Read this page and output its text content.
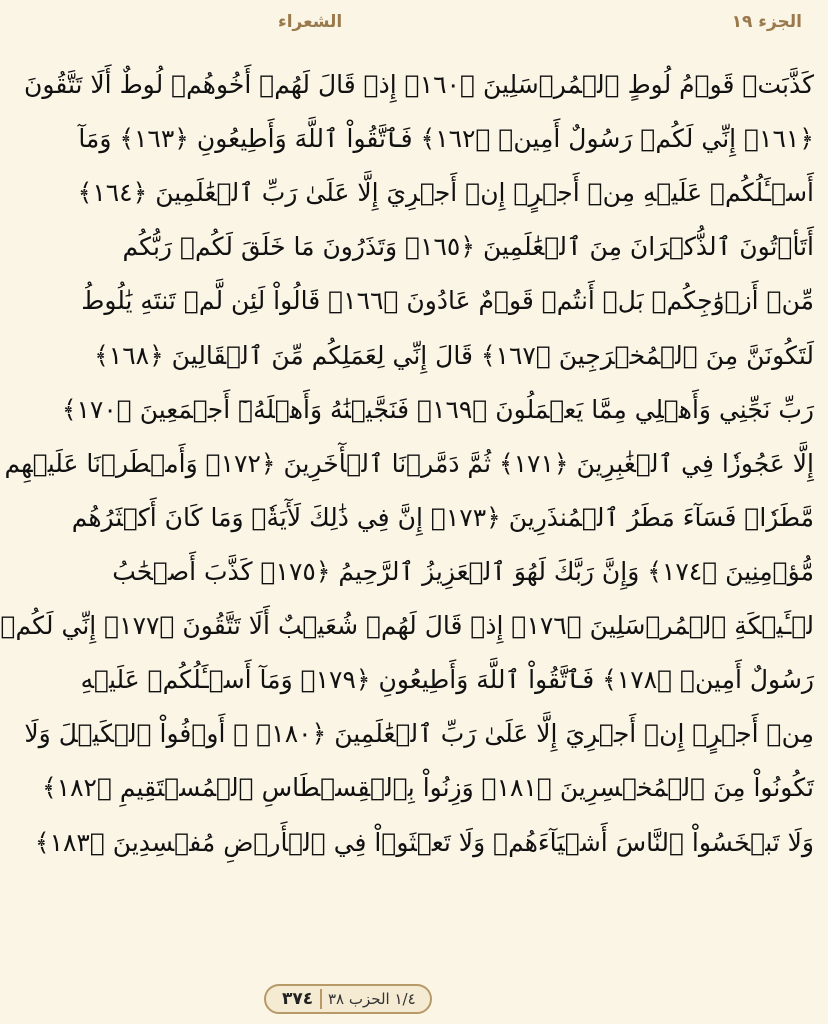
الجزء ١٩
الشعراء
كَذَّبَتۡ قَوۡمُ لُوطٍ ٱلۡمُرۡسَلِينَ ﴿١٦٠﴾ إِذۡ قَالَ لَهُمۡ أَخُوهُمۡ لُوطٌ أَلَا تَتَّقُونَ
﴿١٦١﴾ إِنِّي لَكُمۡ رَسُولٌ أَمِينٞ ﴿١٦٢﴾ فَٱتَّقُواْ ٱللَّهَ وَأَطِيعُونِ ﴿١٦٣﴾ وَمَآ
أَسۡـَٔلُكُمۡ عَلَيۡهِ مِنۡ أَجۡرٍۖ إِنۡ أَجۡرِيَ إِلَّا عَلَىٰ رَبِّ ٱلۡعَٰلَمِينَ ﴿١٦٤﴾
أَتَأۡتُونَ ٱلذُّكۡرَانَ مِنَ ٱلۡعَٰلَمِينَ ﴿١٦٥﴾ وَتَذَرُونَ مَا خَلَقَ لَكُمۡ رَبُّكُم
مِّنۡ أَزۡوَٰجِكُمۚ بَلۡ أَنتُمۡ قَوۡمٌ عَادُونَ ﴿١٦٦﴾ قَالُواْ لَئِن لَّمۡ تَنتَهِ يَٰلُوطُ
لَتَكُونَنَّ مِنَ ٱلۡمُخۡرَجِينَ ﴿١٦٧﴾ قَالَ إِنِّي لِعَمَلِكُم مِّنَ ٱلۡقَالِينَ ﴿١٦٨﴾
رَبِّ نَجِّنِي وَأَهۡلِي مِمَّا يَعۡمَلُونَ ﴿١٦٩﴾ فَنَجَّيۡنَٰهُ وَأَهۡلَهُۥٓ أَجۡمَعِينَ ﴿١٧٠﴾
إِلَّا عَجُوزٗا فِي ٱلۡغَٰبِرِينَ ﴿١٧١﴾ ثُمَّ دَمَّرۡنَا ٱلۡأٓخَرِينَ ﴿١٧٢﴾ وَأَمۡطَرۡنَا عَلَيۡهِم
مَّطَرٗاۖ فَسَآءَ مَطَرُ ٱلۡمُنذَرِينَ ﴿١٧٣﴾ إِنَّ فِي ذَٰلِكَ لَأٓيَةٗۖ وَمَا كَانَ أَكۡثَرُهُم
مُّؤۡمِنِينَ ﴿١٧٤﴾ وَإِنَّ رَبَّكَ لَهُوَ ٱلۡعَزِيزُ ٱلرَّحِيمُ ﴿١٧٥﴾ كَذَّبَ أَصۡحَٰبُ
لۡـَٔيۡكَةِ ٱلۡمُرۡسَلِينَ ﴿١٧٦﴾ إِذۡ قَالَ لَهُمۡ شُعَيۡبٌ أَلَا تَتَّقُونَ ﴿١٧٧﴾ إِنِّي لَكُمۡ
رَسُولٌ أَمِينٞ ﴿١٧٨﴾ فَٱتَّقُواْ ٱللَّهَ وَأَطِيعُونِ ﴿١٧٩﴾ وَمَآ أَسۡـَٔلُكُمۡ عَلَيۡهِ
مِنۡ أَجۡرٍۖ إِنۡ أَجۡرِيَ إِلَّا عَلَىٰ رَبِّ ٱلۡعَٰلَمِينَ ﴿١٨٠﴾ ۞ أَوۡفُواْ ٱلۡكَيۡلَ وَلَا
تَكُونُواْ مِنَ ٱلۡمُخۡسِرِينَ ﴿١٨١﴾ وَزِنُواْ بِٱلۡقِسۡطَاسِ ٱلۡمُسۡتَقِيمِ ﴿١٨٢﴾
وَلَا تَبۡخَسُواْ ٱلنَّاسَ أَشۡيَآءَهُمۡ وَلَا تَعۡثَوۡاْ فِي ٱلۡأَرۡضِ مُفۡسِدِينَ ﴿١٨٣﴾
١/٤ الحزب ٣٨
٣٧٤
